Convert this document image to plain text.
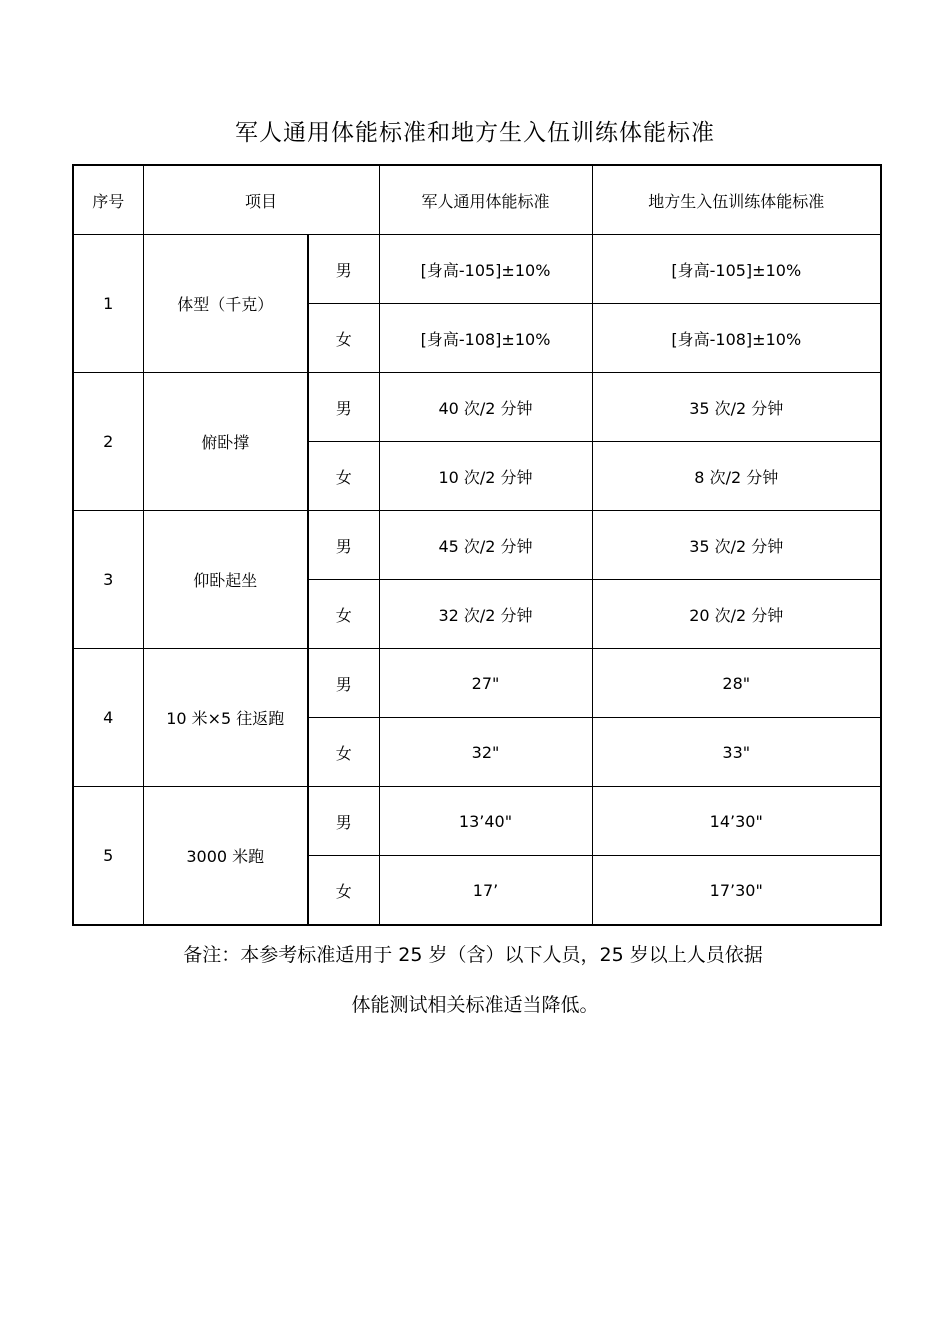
军人通用体能标准和地方生入伍训练体能标准
序号	项目		军人通用体能标准	地方生入伍训练体能标准
1	体型（千克）	男	[身高-105]±10%	[身高-105]±10%
		女	[身高-108]±10%	[身高-108]±10%
2	俯卧撑	男	40 次/2 分钟	35 次/2 分钟
		女	10 次/2 分钟	8 次/2 分钟
3	仰卧起坐	男	45 次/2 分钟	35 次/2 分钟
		女	32 次/2 分钟	20 次/2 分钟
4	10 米×5 往返跑	男	27"	28"
		女	32"	33"
5	3000 米跑	男	13’40"	14’30"
		女	17’	17’30"
备注：本参考标准适用于 25 岁（含）以下人员，25 岁以上人员依据
体能测试相关标准适当降低。
